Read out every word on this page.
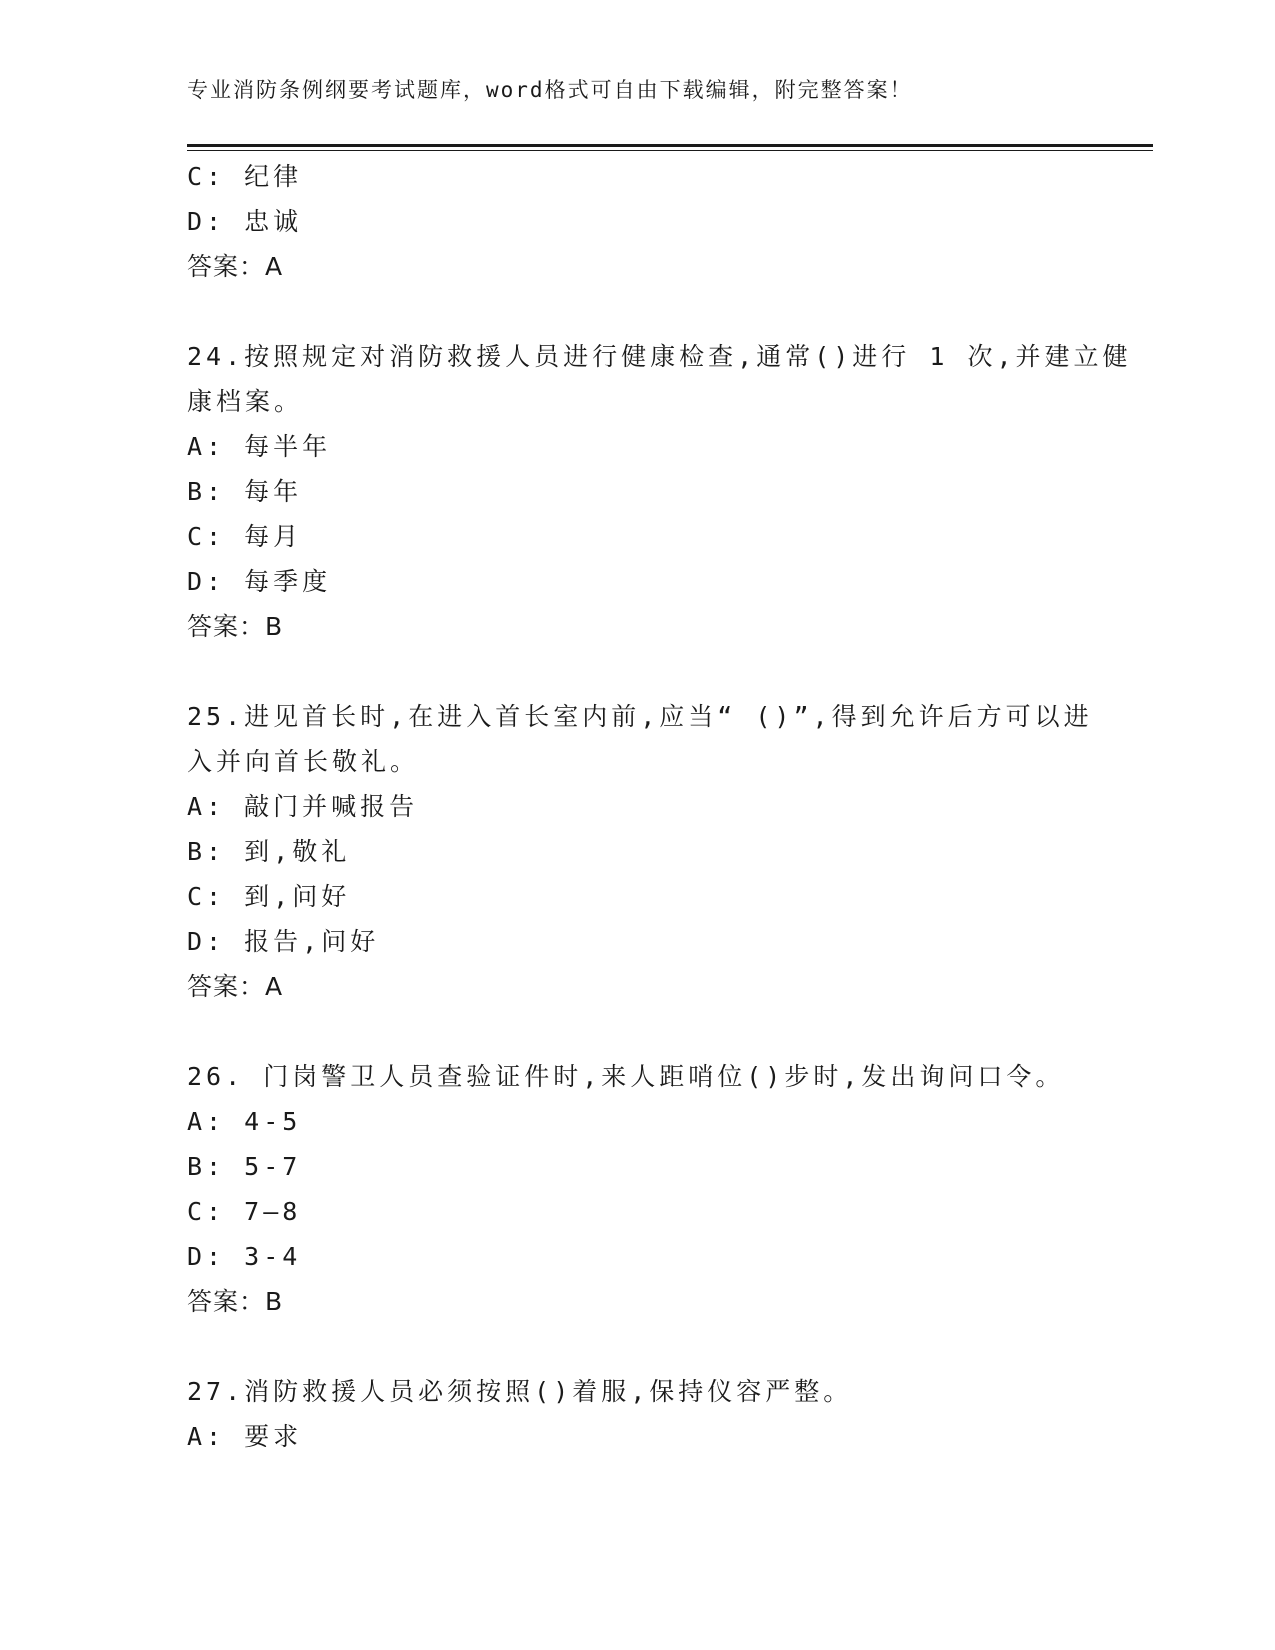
专业消防条例纲要考试题库，word格式可自由下载编辑，附完整答案！
C: 纪律
D: 忠诚
答案：A
24.按照规定对消防救援人员进行健康检查,通常()进行 1 次,并建立健
康档案。
A: 每半年
B: 每年
C: 每月
D: 每季度
答案：B
25.进见首长时,在进入首长室内前,应当“ ()”,得到允许后方可以进
入并向首长敬礼。
A: 敲门并喊报告
B: 到,敬礼
C: 到,问好
D: 报告,问好
答案：A
26. 门岗警卫人员查验证件时,来人距哨位()步时,发出询问口令。
A: 4-5
B: 5-7
C: 7—8
D: 3-4
答案：B
27.消防救援人员必须按照()着服,保持仪容严整。
A: 要求
